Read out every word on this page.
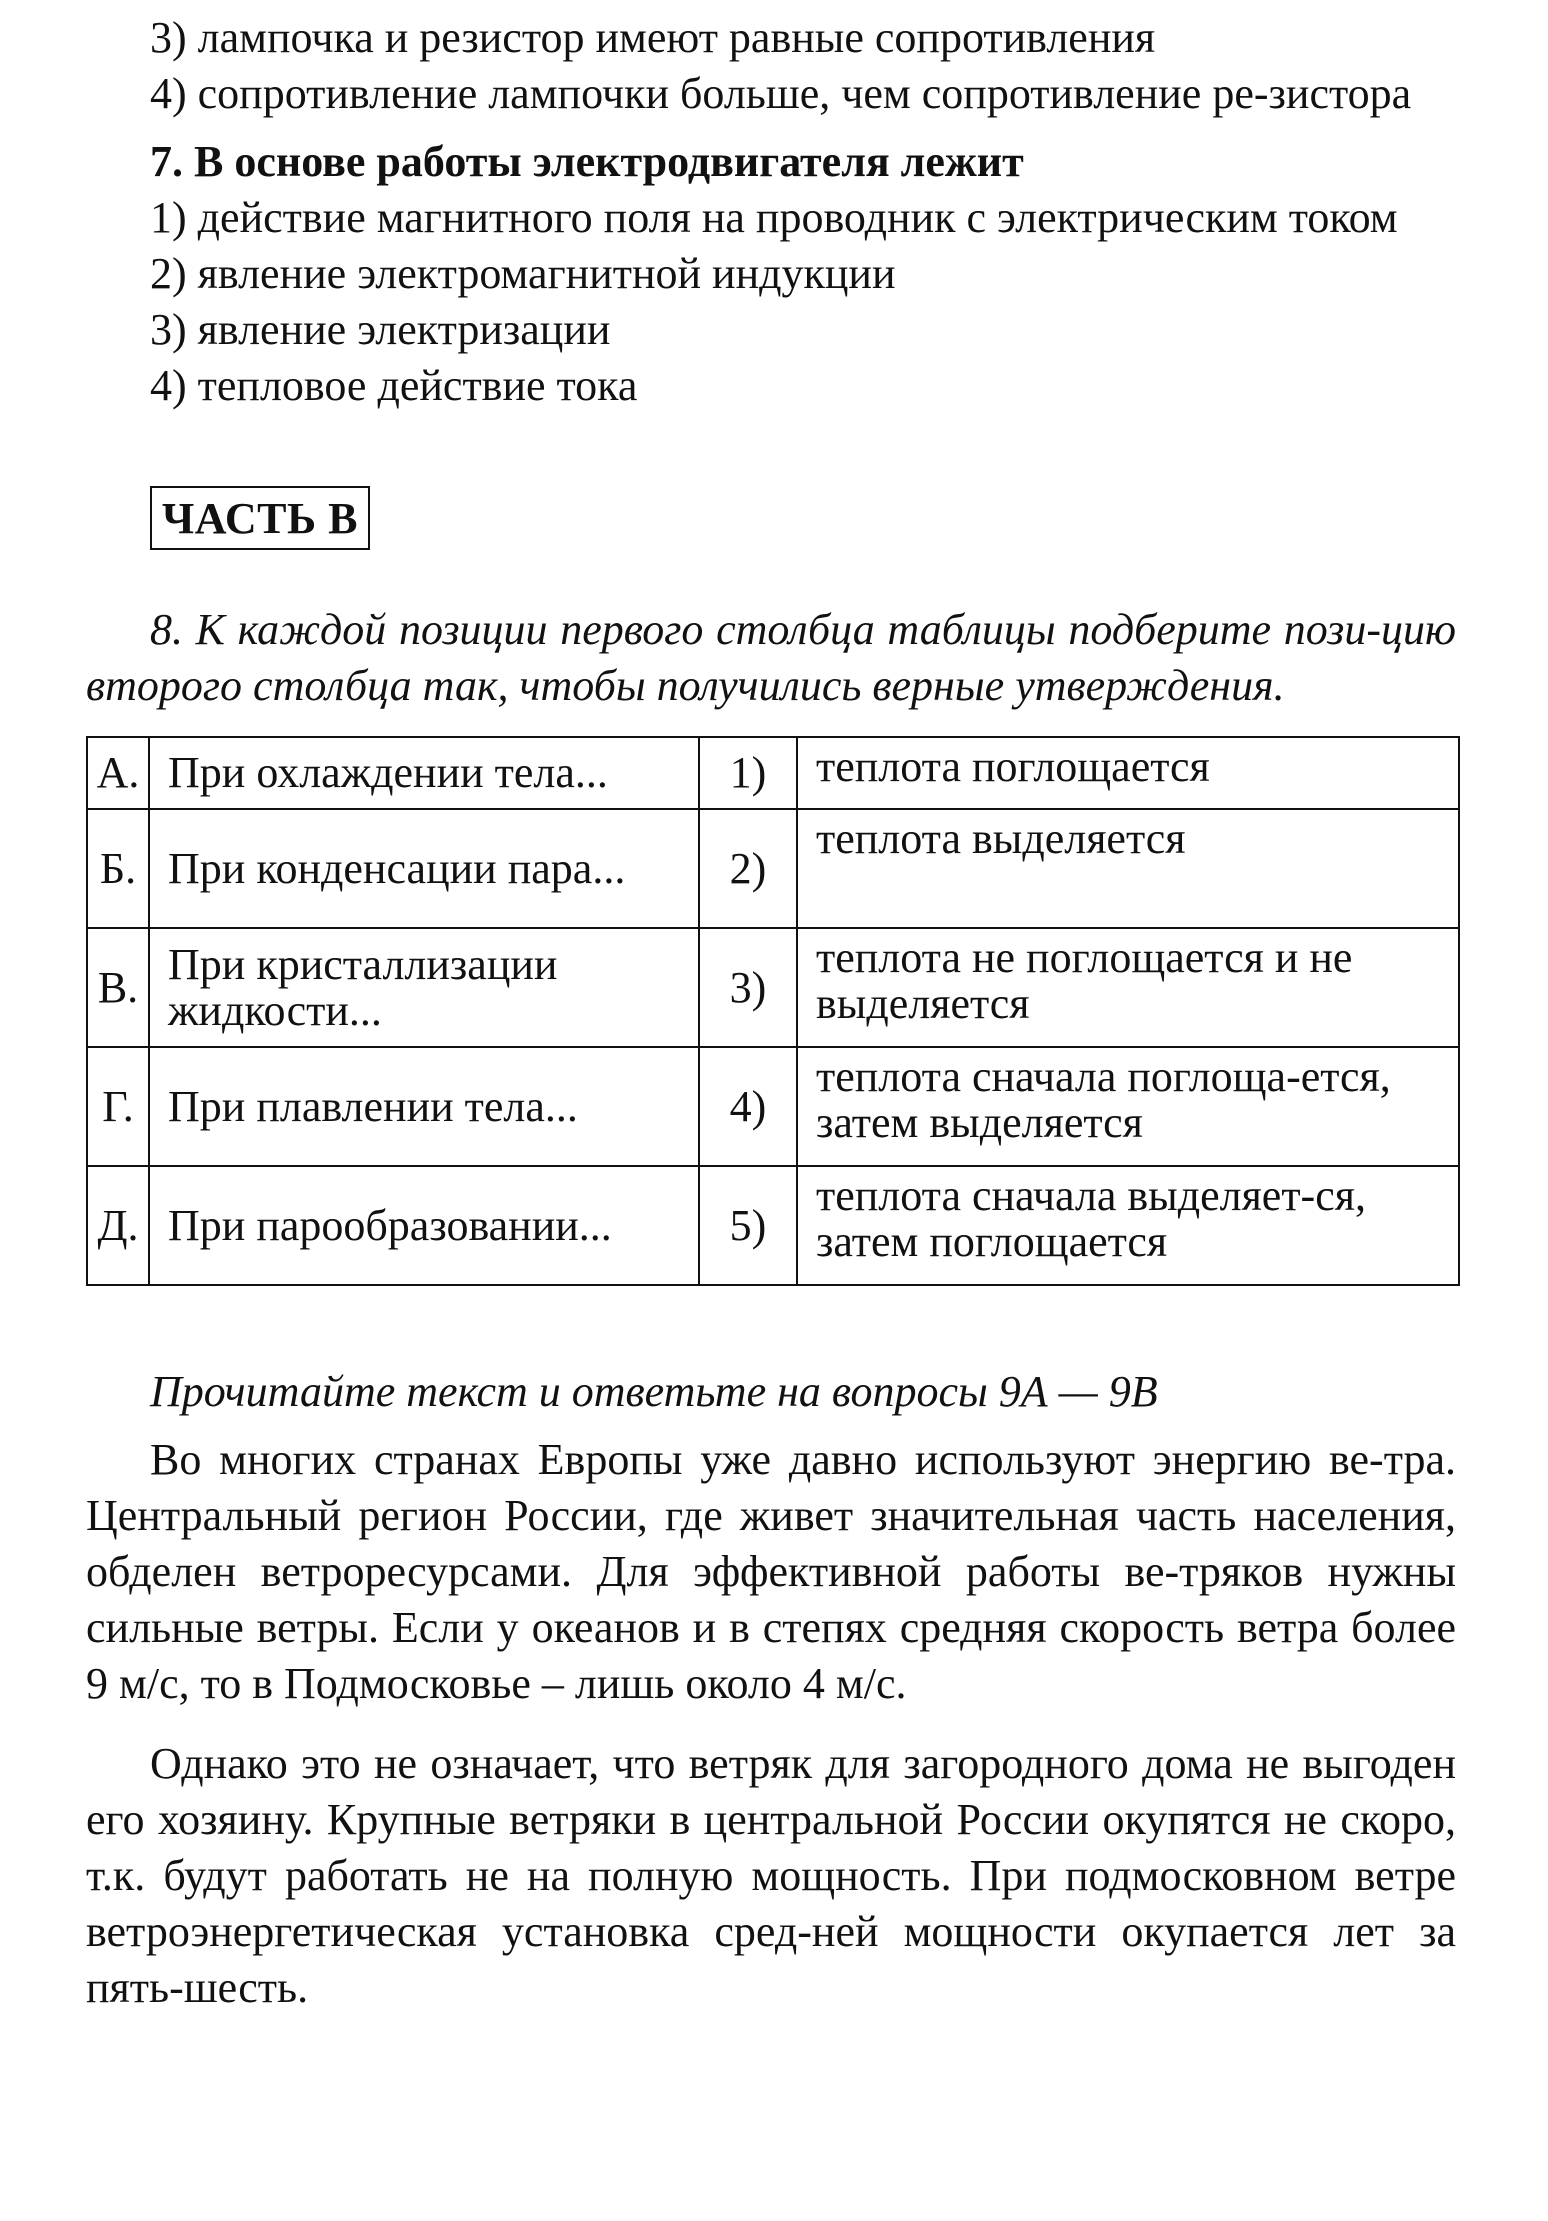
3) лампочка и резистор имеют равные сопротивления

4) сопротивление лампочки больше, чем сопротивление ре-зистора

7. В основе работы электродвигателя лежит

1) действие магнитного поля на проводник с электрическим током

2) явление электромагнитной индукции

3) явление электризации

4) тепловое действие тока

ЧАСТЬ В

8. К каждой позиции первого столбца таблицы подберите пози-цию второго столбца так, чтобы получились верные утверждения.

А.	При охлаждении тела...	1)	теплота поглощается
Б.	При конденсации пара...	2)	теплота выделяется
В.	При кристаллизации жидкости...	3)	теплота не поглощается и не выделяется
Г.	При плавлении тела...	4)	теплота сначала поглоща-ется, затем выделяется
Д.	При парообразовании...	5)	теплота сначала выделяет-ся, затем поглощается

Прочитайте текст и ответьте на вопросы 9А — 9В

Во многих странах Европы уже давно используют энергию ве-тра. Центральный регион России, где живет значительная часть населения, обделен ветроресурсами. Для эффективной работы ве-тряков нужны сильные ветры. Если у океанов и в степях средняя скорость ветра более 9 м/с, то в Подмосковье – лишь около 4 м/с.

Однако это не означает, что ветряк для загородного дома не выгоден его хозяину. Крупные ветряки в центральной России окупятся не скоро, т.к. будут работать не на полную мощность. При подмосковном ветре ветроэнергетическая установка сред-ней мощности окупается лет за пять-шесть.
